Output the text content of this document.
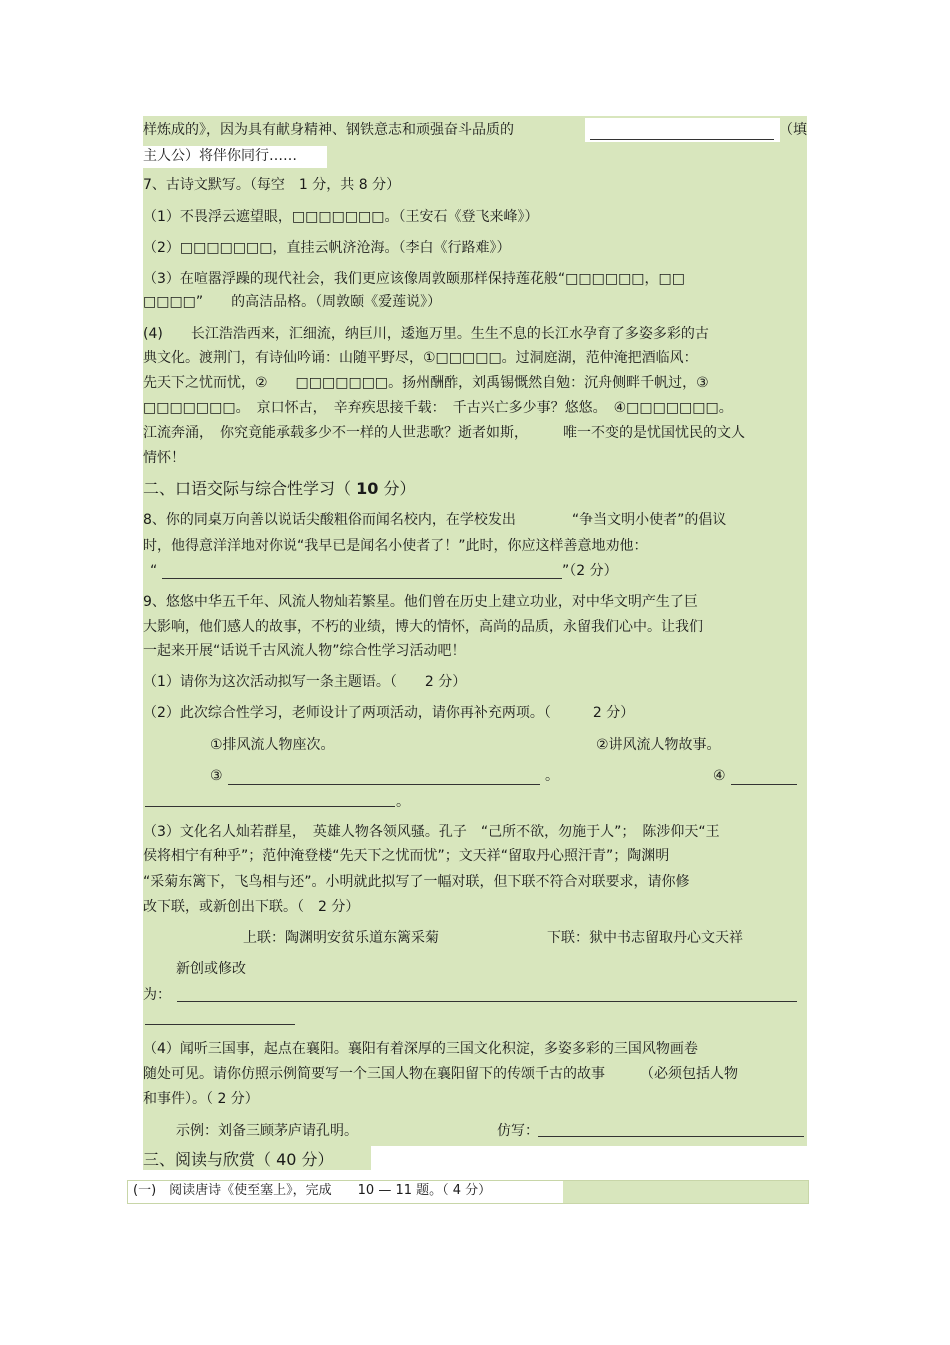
样炼成的》，因为具有献身精神、钢铁意志和顽强奋斗品质的	（填
主人公）将伴你同行……
7、古诗文默写。（每空　1 分，共 8 分）
（1）不畏浮云遮望眼，□□□□□□□。（王安石《登飞来峰》）
（2）□□□□□□□，直挂云帆济沧海。（李白《行路难》）
（3）在喧嚣浮躁的现代社会，我们更应该像周敦颐那样保持莲花般“□□□□□□，□□
□□□□”　　的高洁品格。（周敦颐《爱莲说》）
(4)　　长江浩浩西来，汇细流，纳巨川，逶迤万里。生生不息的长江水孕育了多姿多彩的古
典文化。渡荆门，有诗仙吟诵：山随平野尽，①□□□□□。过洞庭湖，范仲淹把酒临风：
先天下之忧而忧，②　　□□□□□□□。扬州酬酢，刘禹锡慨然自勉：沉舟侧畔千帆过，③
□□□□□□□。　京口怀古，　辛弃疾思接千载：　千古兴亡多少事？悠悠。　④□□□□□□□。
江流奔涌，　你究竟能承载多少不一样的人世悲歌？逝者如斯，　　　唯一不变的是忧国忧民的文人
情怀！
二、口语交际与综合性学习（ 10 分）
8、你的同桌万向善以说话尖酸粗俗而闻名校内，在学校发出　　　　“争当文明小使者”的倡议
时，他得意洋洋地对你说“我早已是闻名小使者了！”此时，你应这样善意地劝他：
“	”（2 分）
9、悠悠中华五千年、风流人物灿若繁星。他们曾在历史上建立功业，对中华文明产生了巨
大影响，他们感人的故事，不朽的业绩，博大的情怀，高尚的品质，永留我们心中。让我们
一起来开展“话说千古风流人物”综合性学习活动吧！
（1）请你为这次活动拟写一条主题语。（　　2 分）
（2）此次综合性学习，老师设计了两项活动，请你再补充两项。（　　　2 分）
①排风流人物座次。	②讲风流人物故事。
③	。	④
。
（3）文化名人灿若群星，　英雄人物各领风骚。孔子　“己所不欲，勿施于人”；　陈涉仰天“王
侯将相宁有种乎”；范仲淹登楼“先天下之忧而忧”；文天祥“留取丹心照汗青”；陶渊明
“采菊东篱下，飞鸟相与还”。小明就此拟写了一幅对联，但下联不符合对联要求，请你修
改下联，或新创出下联。（　2 分）
上联：陶渊明安贫乐道东篱采菊	下联：狱中书志留取丹心文天祥
新创或修改
为：
（4）闻听三国事，起点在襄阳。襄阳有着深厚的三国文化积淀，多姿多彩的三国风物画卷
随处可见。请你仿照示例简要写一个三国人物在襄阳留下的传颂千古的故事　　　（必须包括人物
和事件）。（ 2 分）
示例：刘备三顾茅庐请孔明。	仿写：
三、阅读与欣赏（ 40 分）
(一)　阅读唐诗《使至塞上》，完成　　10 — 11 题。（ 4 分）
